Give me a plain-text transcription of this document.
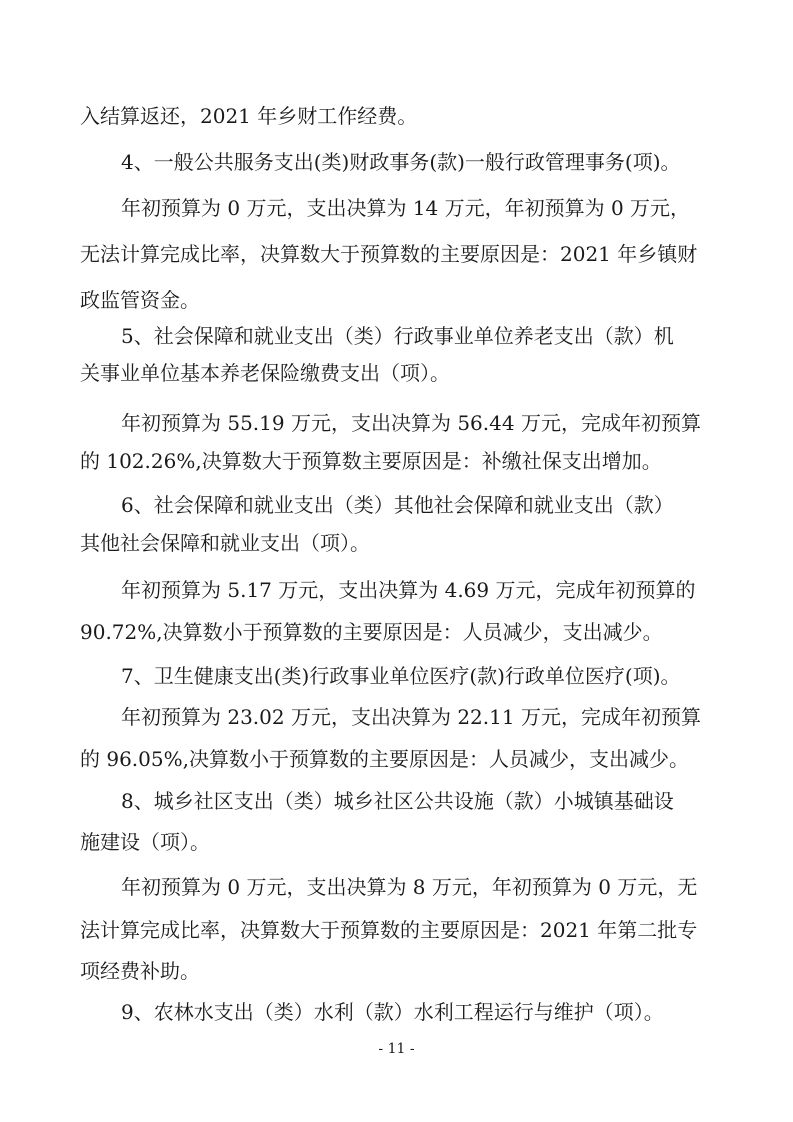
入结算返还，2021 年乡财工作经费。
4、一般公共服务支出(类)财政事务(款)一般行政管理事务(项)。
年初预算为 0 万元，支出决算为 14 万元，年初预算为 0 万元，
无法计算完成比率，决算数大于预算数的主要原因是：2021 年乡镇财
政监管资金。
5、社会保障和就业支出（类）行政事业单位养老支出（款）机
关事业单位基本养老保险缴费支出（项）。
年初预算为 55.19 万元，支出决算为 56.44 万元，完成年初预算
的 102.26%,决算数大于预算数主要原因是：补缴社保支出增加。
6、社会保障和就业支出（类）其他社会保障和就业支出（款）
其他社会保障和就业支出（项）。
年初预算为 5.17 万元，支出决算为 4.69 万元，完成年初预算的
90.72%,决算数小于预算数的主要原因是：人员减少，支出减少。
7、卫生健康支出(类)行政事业单位医疗(款)行政单位医疗(项)。
年初预算为 23.02 万元，支出决算为 22.11 万元，完成年初预算
的 96.05%,决算数小于预算数的主要原因是：人员减少，支出减少。
8、城乡社区支出（类）城乡社区公共设施（款）小城镇基础设
施建设（项）。
年初预算为 0 万元，支出决算为 8 万元，年初预算为 0 万元，无
法计算完成比率，决算数大于预算数的主要原因是：2021 年第二批专
项经费补助。
9、农林水支出（类）水利（款）水利工程运行与维护（项）。
- 11 -
